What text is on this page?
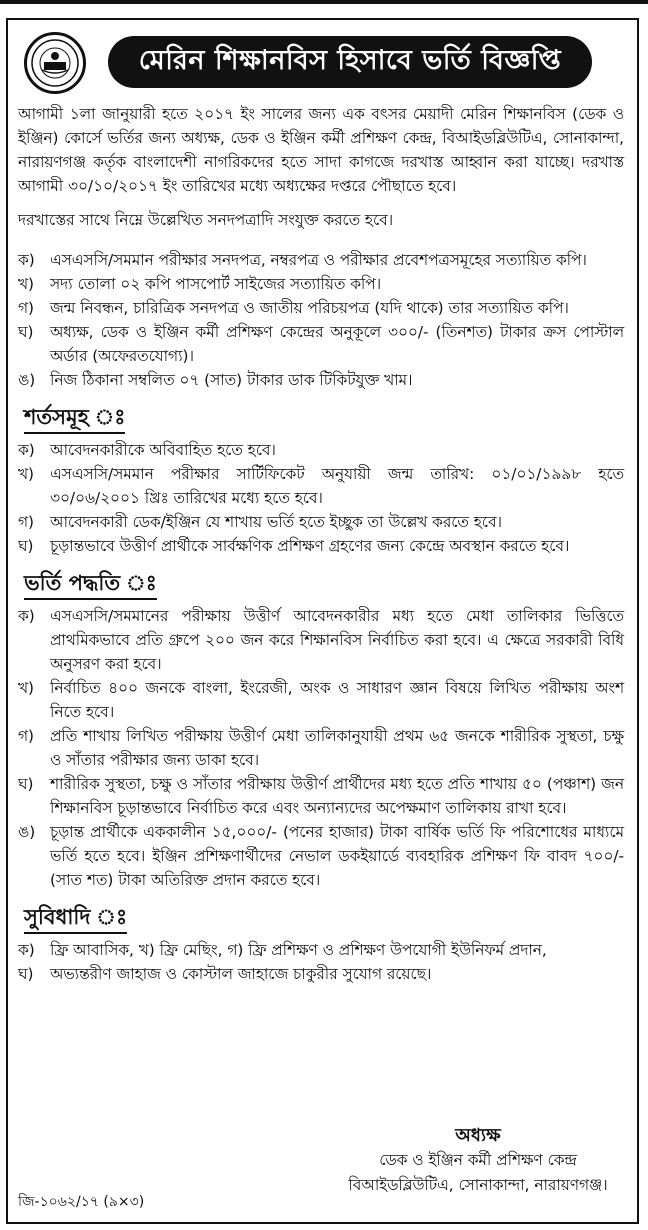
মেরিন শিক্ষানবিস হিসাবে ভর্তি বিজ্ঞপ্তি

আগামী ১লা জানুয়ারী হতে ২০১৭ ইং সালের জন্য এক বৎসর মেয়াদী মেরিন শিক্ষানবিস (ডেক ও ইঞ্জিন) কোর্সে ভর্তির জন্য অধ্যক্ষ, ডেক ও ইঞ্জিন কর্মী প্রশিক্ষণ কেন্দ্র, বিআইডব্লিউটিএ, সোনাকান্দা, নারায়ণগঞ্জ কর্তৃক বাংলাদেশী নাগরিকদের হতে সাদা কাগজে দরখাস্ত আহ্বান করা যাচ্ছে। দরখাস্ত আগামী ৩০/১০/২০১৭ ইং তারিখের মধ্যে অধ্যক্ষের দপ্তরে পৌছাতে হবে।

দরখাস্তের সাথে নিম্নে উল্লেখিত সনদপত্রাদি সংযুক্ত করতে হবে।

ক)	এসএসসি/সমমান পরীক্ষার সনদপত্র, নম্বরপত্র ও পরীক্ষার প্রবেশপত্রসমূহের সত্যায়িত কপি।
খ)	সদ্য তোলা ০২ কপি পাসপোর্ট সাইজের সত্যায়িত কপি।
গ)	জন্ম নিবন্ধন, চারিত্রিক সনদপত্র ও জাতীয় পরিচয়পত্র (যদি থাকে) তার সত্যায়িত কপি।
ঘ)	অধ্যক্ষ, ডেক ও ইঞ্জিন কর্মী প্রশিক্ষণ কেন্দ্রের অনুকূলে ৩০০/- (তিনশত) টাকার ক্রস পোস্টাল অর্ডার (অফেরতযোগ্য)।
ঙ) নিজ ঠিকানা সম্বলিত ০৭ (সাত) টাকার ডাক টিকিটযুক্ত খাম।
শর্তসমূহ ঃ
ক)	আবেদনকারীকে অবিবাহিত হতে হবে।
খ)	এসএসসি/সমমান পরীক্ষার সার্টিফিকেট অনুযায়ী জন্ম তারিখ: ০১/০১/১৯৯৮ হতে ৩০/০৬/২০০১ খ্রিঃ তারিখের মধ্যে হতে হবে।
গ)	আবেদনকারী ডেক/ইঞ্জিন যে শাখায় ভর্তি হতে ইচ্ছুক তা উল্লেখ করতে হবে।
ঘ)	চূড়ান্তভাবে উত্তীর্ণ প্রার্থীকে সার্বক্ষণিক প্রশিক্ষণ গ্রহণের জন্য কেন্দ্রে অবস্থান করতে হবে।
ভর্তি পদ্ধতি ঃ
ক)	এসএসসি/সমমানের পরীক্ষায় উত্তীর্ণ আবেদনকারীর মধ্য হতে মেধা তালিকার ভিত্তিতে প্রাথমিকভাবে প্রতি গ্রুপে ২০০ জন করে শিক্ষানবিস নির্বাচিত করা হবে। এ ক্ষেত্রে সরকারী বিধি অনুসরণ করা হবে।
খ)	নির্বাচিত ৪০০ জনকে বাংলা, ইংরেজী, অংক ও সাধারণ জ্ঞান বিষয়ে লিখিত পরীক্ষায় অংশ নিতে হবে।
গ)	প্রতি শাখায় লিখিত পরীক্ষায় উত্তীর্ণ মেধা তালিকানুযায়ী প্রথম ৬৫ জনকে শারীরিক সুস্থতা, চক্ষু ও সাঁতার পরীক্ষার জন্য ডাকা হবে।
ঘ)	শারীরিক সুস্থতা, চক্ষু ও সাঁতার পরীক্ষায় উত্তীর্ণ প্রার্থীদের মধ্য হতে প্রতি শাখায় ৫০ (পঞ্চাশ) জন শিক্ষানবিস চূড়ান্তভাবে নির্বাচিত করে এবং অন্যান্যদের অপেক্ষমাণ তালিকায় রাখা হবে।
ঙ) চূড়ান্ত প্রার্থীকে এককালীন ১৫,০০০/- (পনের হাজার) টাকা বার্ষিক ভর্তি ফি পরিশোধের মাধ্যমে ভর্তি হতে হবে। ইঞ্জিন প্রশিক্ষণার্থীদের নেভাল ডকইয়ার্ডে ব্যবহারিক প্রশিক্ষণ ফি বাবদ ৭০০/- (সাত শত) টাকা অতিরিক্ত প্রদান করতে হবে।
সুবিধাদি ঃ
ক)	ফ্রি আবাসিক, খ) ফ্রি মেছিং, গ) ফ্রি প্রশিক্ষণ ও প্রশিক্ষণ উপযোগী ইউনিফর্ম প্রদান,
ঘ)	অভ্যন্তরীণ জাহাজ ও কোস্টাল জাহাজে চাকুরীর সুযোগ রয়েছে।
অধ্যক্ষ
ডেক ও ইঞ্জিন কর্মী প্রশিক্ষণ কেন্দ্র
বিআইডব্লিউটিএ, সোনাকান্দা, নারায়ণগঞ্জ।
জি-১০৬২/১৭ (৯×৩)
